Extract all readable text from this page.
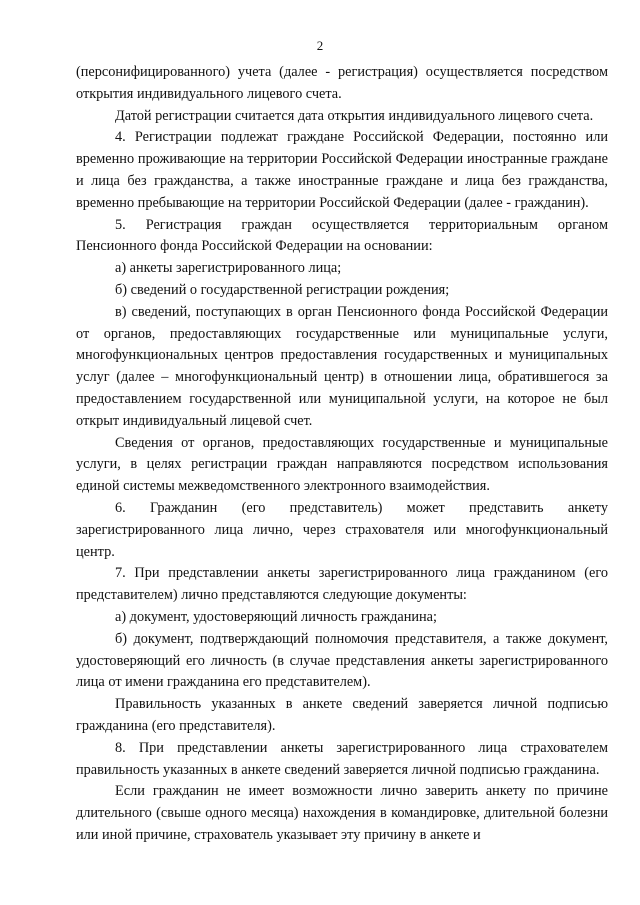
2

(персонифицированного) учета (далее - регистрация) осуществляется посредством открытия индивидуального лицевого счета.

Датой регистрации считается дата открытия индивидуального лицевого счета.

4. Регистрации подлежат граждане Российской Федерации, постоянно или временно проживающие на территории Российской Федерации иностранные граждане и лица без гражданства, а также иностранные граждане и лица без гражданства, временно пребывающие на территории Российской Федерации (далее - гражданин).

5. Регистрация граждан осуществляется территориальным органом Пенсионного фонда Российской Федерации на основании:

а) анкеты зарегистрированного лица;

б) сведений о государственной регистрации рождения;

в) сведений, поступающих в орган Пенсионного фонда Российской Федерации от органов, предоставляющих государственные или муниципальные услуги, многофункциональных центров предоставления государственных и муниципальных услуг (далее – многофункциональный центр) в отношении лица, обратившегося за предоставлением государственной или муниципальной услуги, на которое не был открыт индивидуальный лицевой счет.

Сведения от органов, предоставляющих государственные и муниципальные услуги, в целях регистрации граждан направляются посредством использования единой системы межведомственного электронного взаимодействия.

6. Гражданин (его представитель) может представить анкету зарегистрированного лица лично, через страхователя или многофункциональный центр.

7. При представлении анкеты зарегистрированного лица гражданином (его представителем) лично представляются следующие документы:

а) документ, удостоверяющий личность гражданина;

б) документ, подтверждающий полномочия представителя, а также документ, удостоверяющий его личность (в случае представления анкеты зарегистрированного лица от имени гражданина его представителем).

Правильность указанных в анкете сведений заверяется личной подписью гражданина (его представителя).

8. При представлении анкеты зарегистрированного лица страхователем правильность указанных в анкете сведений заверяется личной подписью гражданина.

Если гражданин не имеет возможности лично заверить анкету по причине длительного (свыше одного месяца) нахождения в командировке, длительной болезни или иной причине, страхователь указывает эту причину в анкете и
